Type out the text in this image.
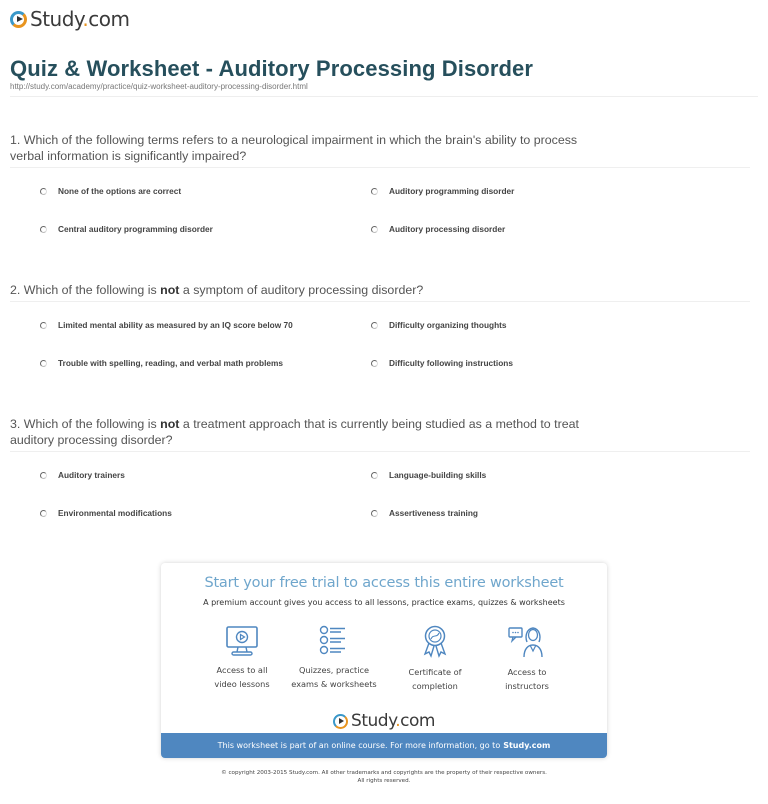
Study.com
Quiz & Worksheet - Auditory Processing Disorder
http://study.com/academy/practice/quiz-worksheet-auditory-processing-disorder.html
1. Which of the following terms refers to a neurological impairment in which the brain's ability to process verbal information is significantly impaired?
None of the options are correct	Auditory programming disorder
Central auditory programming disorder	Auditory processing disorder
2. Which of the following is not a symptom of auditory processing disorder?
Limited mental ability as measured by an IQ score below 70	Difficulty organizing thoughts
Trouble with spelling, reading, and verbal math problems	Difficulty following instructions
3. Which of the following is not a treatment approach that is currently being studied as a method to treat auditory processing disorder?
Auditory trainers	Language-building skills
Environmental modifications	Assertiveness training
Start your free trial to access this entire worksheet
A premium account gives you access to all lessons, practice exams, quizzes & worksheets
Access to all
video lessons
Quizzes, practice
exams & worksheets
Certificate of
completion
Access to
instructors
Study.com
This worksheet is part of an online course. For more information, go to Study.com
© copyright 2003-2015 Study.com. All other trademarks and copyrights are the property of their respective owners.
All rights reserved.
